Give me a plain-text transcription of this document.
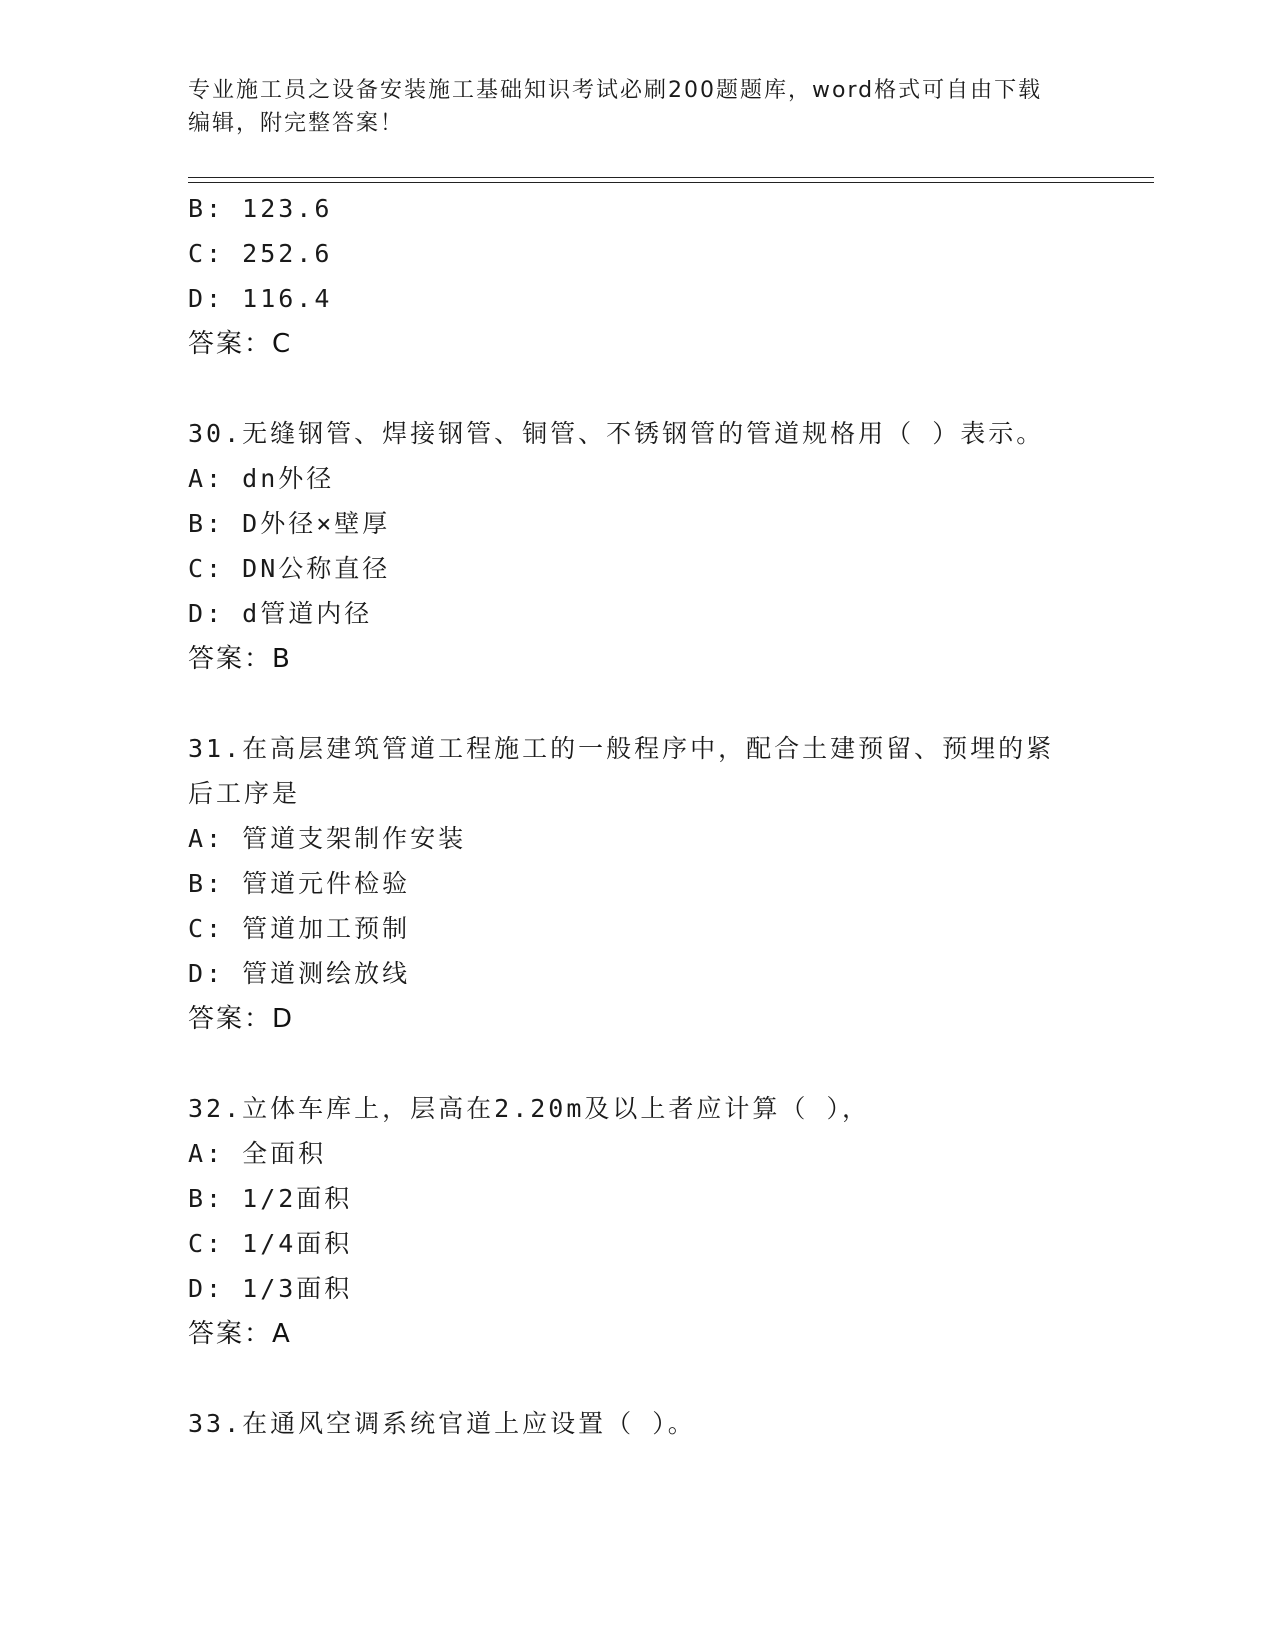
专业施工员之设备安装施工基础知识考试必刷200题题库，word格式可自由下载
编辑，附完整答案！
B: 123.6
C: 252.6
D: 116.4
答案：C
30.无缝钢管、焊接钢管、铜管、不锈钢管的管道规格用（ ）表示。
A: dn外径
B: D外径×壁厚
C: DN公称直径
D: d管道内径
答案：B
31.在高层建筑管道工程施工的一般程序中，配合土建预留、预埋的紧
后工序是
A: 管道支架制作安装
B: 管道元件检验
C: 管道加工预制
D: 管道测绘放线
答案：D
32.立体车库上，层高在2.20m及以上者应计算（ ），
A: 全面积
B: 1/2面积
C: 1/4面积
D: 1/3面积
答案：A
33.在通风空调系统官道上应设置（ ）。
